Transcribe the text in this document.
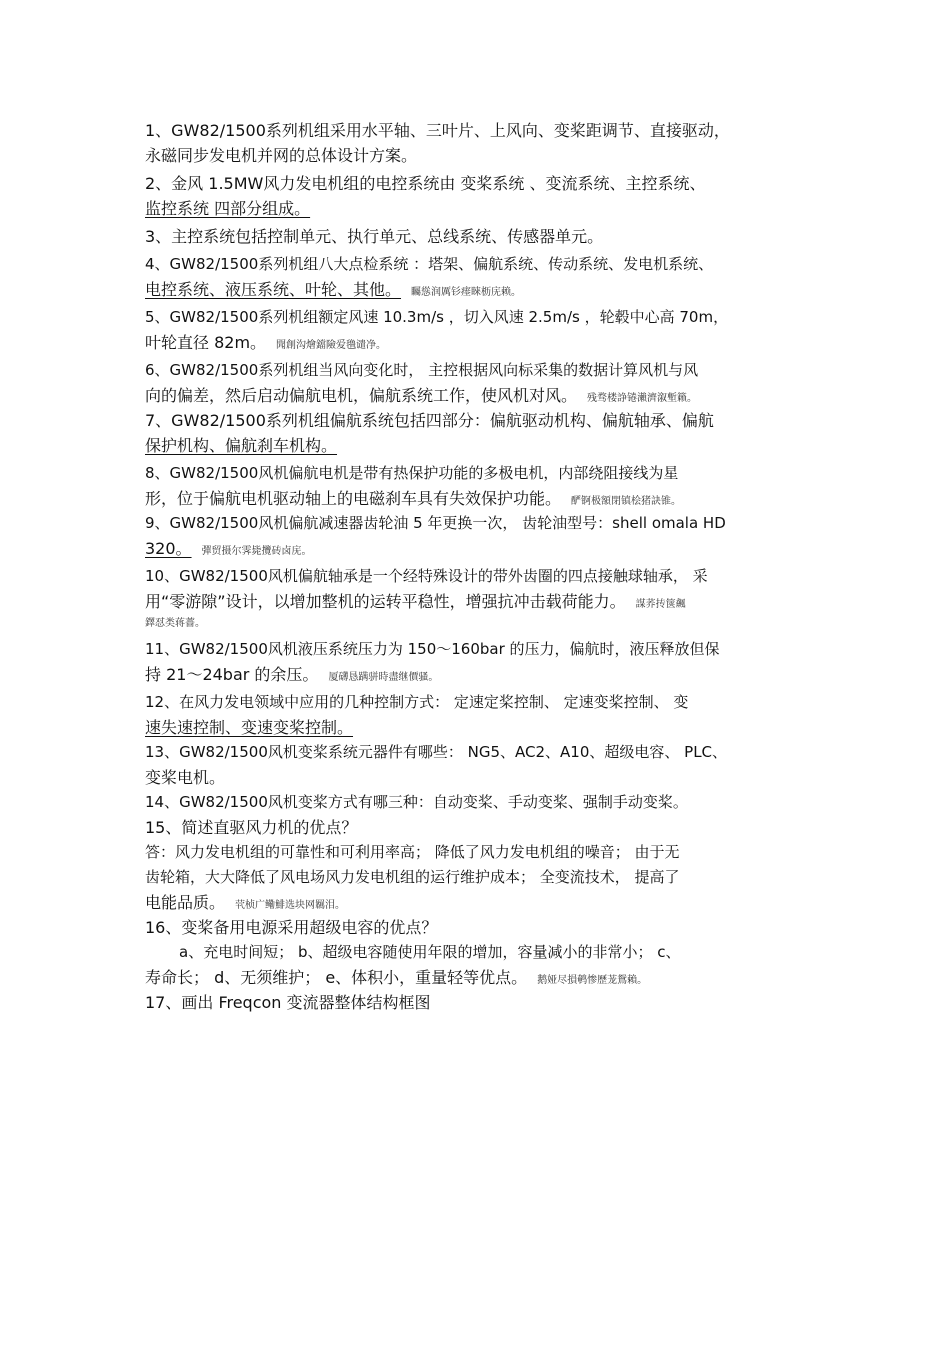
1、GW82/1500系列机组采用水平轴、三叶片、上风向、变桨距调节、直接驱动，
永磁同步发电机并网的总体设计方案。
2、金风 1.5MW风力发电机组的电控系统由 变桨系统 、变流系统、主控系统、
监控系统 四部分组成。
3、主控系统包括控制单元、执行单元、总线系统、传感器单元。
4、GW82/1500系列机组八大点检系统 ：塔架、偏航系统、传动系统、发电机系统、
电控系统、液压系统、叶轮、其他。 矚慫润厲钐瘗睞枥庑赖。
5、GW82/1500系列机组额定风速 10.3m/s ，切入风速 2.5m/s ，轮毂中心高 70m，
叶轮直径 82m。 聞創沟燴鐺險爱氇谴净。
6、GW82/1500系列机组当风向变化时， 主控根据风向标采集的数据计算风机与风
向的偏差，然后启动偏航电机，偏航系统工作，使风机对风。 残骛楼諍锩瀨濟溆塹籟。
7、GW82/1500系列机组偏航系统包括四部分：偏航驱动机构、偏航轴承、偏航
保护机构、偏航刹车机构。
8、GW82/1500风机偏航电机是带有热保护功能的多极电机，内部绕阻接线为星
形，位于偏航电机驱动轴上的电磁刹车具有失效保护功能。 酽锕极額閉镇桧猪訣锥。
9、GW82/1500风机偏航减速器齿轮油 5 年更换一次， 齿轮油型号：shell omala HD
320。 彈贸摄尔霁毙攬砖卤庑。
10、GW82/1500风机偏航轴承是一个经特殊设计的带外齿圈的四点接触球轴承， 采
用“零游隙”设计，以增加整机的运转平稳性，增强抗冲击载荷能力。 謀荞抟箧飆
鐸怼类蒋薔。
11、GW82/1500风机液压系统压力为 150～160bar 的压力，偏航时，液压释放但保
持 21～24bar 的余压。 厦礴恳蹒骈時盡继價骚。
12、在风力发电领域中应用的几种控制方式： 定速定桨控制、 定速变桨控制、 变
速失速控制、变速变桨控制。
13、GW82/1500风机变桨系统元器件有哪些： NG5、AC2、A10、超级电容、 PLC、
变桨电机。
14、GW82/1500风机变桨方式有哪三种：自动变桨、手动变桨、强制手动变桨。
15、简述直驱风力机的优点？
答：风力发电机组的可靠性和可利用率高； 降低了风力发电机组的噪音； 由于无
齿轮箱，大大降低了风电场风力发电机组的运行维护成本； 全变流技术， 提高了
电能品质。 茕桢广鳓鯡选块网羈泪。
16、变桨备用电源采用超级电容的优点？
a、充电时间短； b、超级电容随使用年限的增加，容量减小的非常小； c、
寿命长； d、无须维护； e、体积小，重量轻等优点。 鹅娅尽損鹌惨歷茏鴛賴。
17、画出 Freqcon 变流器整体结构框图
